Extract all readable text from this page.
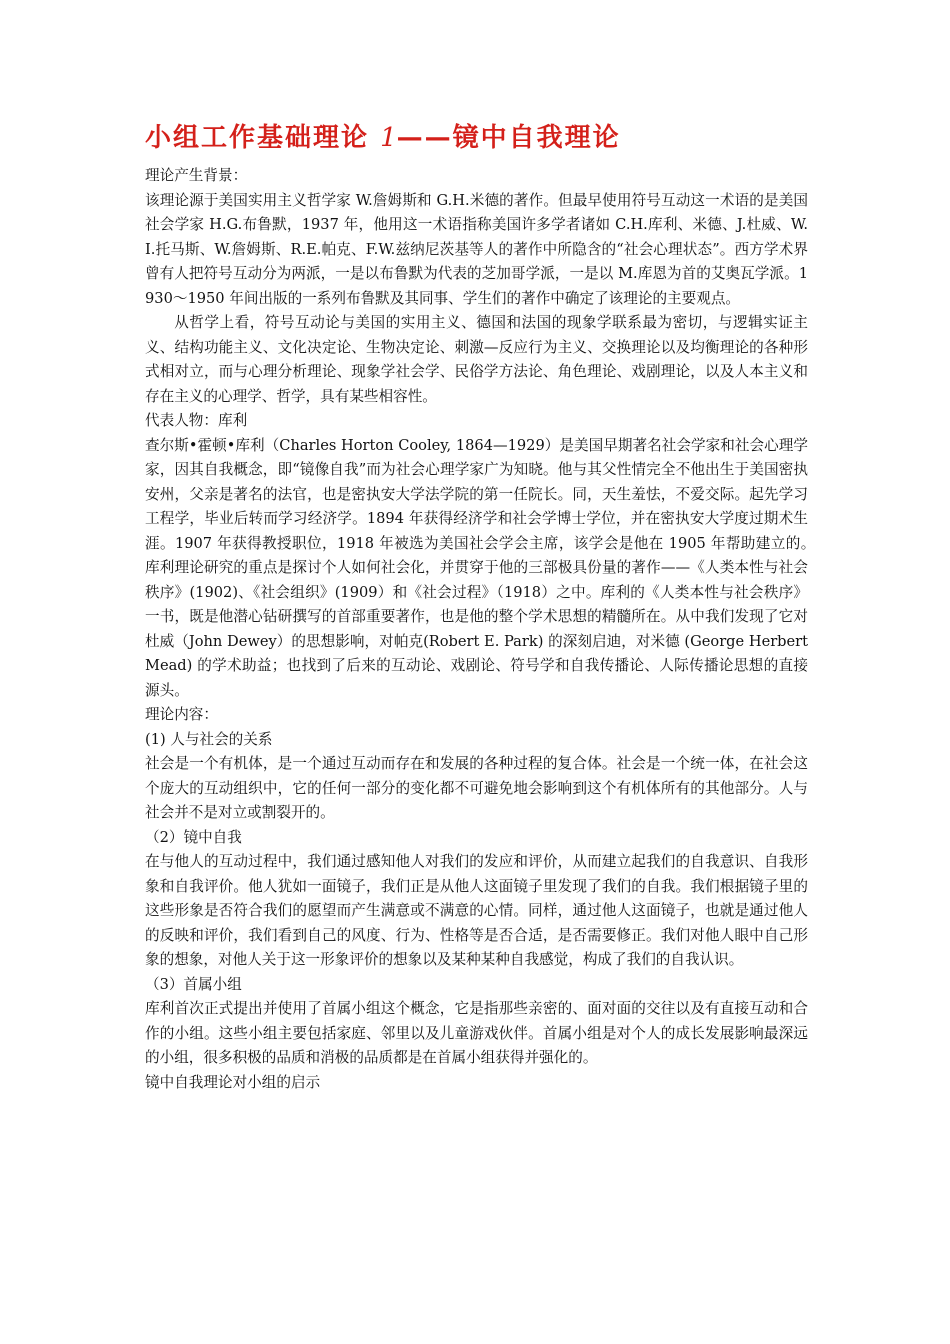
小组工作基础理论 1——镜中自我理论

理论产生背景：

该理论源于美国实用主义哲学家 W.詹姆斯和 G.H.米德的著作。但最早使用符号互动这一术语的是美国社会学家 H.G.布鲁默，1937 年，他用这一术语指称美国许多学者诸如 C.H.库利、米德、J.杜威、W.I.托马斯、W.詹姆斯、R.E.帕克、F.W.兹纳尼茨基等人的著作中所隐含的“社会心理状态”。西方学术界曾有人把符号互动分为两派，一是以布鲁默为代表的芝加哥学派，一是以 M.库恩为首的艾奥瓦学派。1930～1950 年间出版的一系列布鲁默及其同事、学生们的著作中确定了该理论的主要观点。

从哲学上看，符号互动论与美国的实用主义、德国和法国的现象学联系最为密切，与逻辑实证主义、结构功能主义、文化决定论、生物决定论、刺激—反应行为主义、交换理论以及均衡理论的各种形式相对立，而与心理分析理论、现象学社会学、民俗学方法论、角色理论、戏剧理论，以及人本主义和存在主义的心理学、哲学，具有某些相容性。

代表人物：库利

查尔斯•霍顿•库利（Charles Horton Cooley, 1864—1929）是美国早期著名社会学家和社会心理学家，因其自我概念，即“镜像自我”而为社会心理学家广为知晓。他与其父性情完全不他出生于美国密执安州，父亲是著名的法官，也是密执安大学法学院的第一任院长。同，天生羞怯，不爱交际。起先学习工程学，毕业后转而学习经济学。1894 年获得经济学和社会学博士学位，并在密执安大学度过期术生涯。1907 年获得教授职位，1918 年被选为美国社会学会主席，该学会是他在 1905 年帮助建立的。　　库利理论研究的重点是探讨个人如何社会化，并贯穿于他的三部极具份量的著作——《人类本性与社会秩序》(1902)、《社会组织》(1909）和《社会过程》（1918）之中。库利的《人类本性与社会秩序》一书，既是他潜心钻研撰写的首部重要著作，也是他的整个学术思想的精髓所在。从中我们发现了它对杜威（John Dewey）的思想影响，对帕克(Robert E. Park) 的深刻启迪，对米德 (George Herbert Mead) 的学术助益；也找到了后来的互动论、戏剧论、符号学和自我传播论、人际传播论思想的直接源头。

理论内容：

(1) 人与社会的关系

社会是一个有机体，是一个通过互动而存在和发展的各种过程的复合体。社会是一个统一体，在社会这个庞大的互动组织中，它的任何一部分的变化都不可避免地会影响到这个有机体所有的其他部分。人与社会并不是对立或割裂开的。

（2）镜中自我

在与他人的互动过程中，我们通过感知他人对我们的发应和评价，从而建立起我们的自我意识、自我形象和自我评价。他人犹如一面镜子，我们正是从他人这面镜子里发现了我们的自我。我们根据镜子里的这些形象是否符合我们的愿望而产生满意或不满意的心情。同样，通过他人这面镜子，也就是通过他人的反映和评价，我们看到自己的风度、行为、性格等是否合适，是否需要修正。我们对他人眼中自己形象的想象，对他人关于这一形象评价的想象以及某种某种自我感觉，构成了我们的自我认识。

（3）首属小组

库利首次正式提出并使用了首属小组这个概念，它是指那些亲密的、面对面的交往以及有直接互动和合作的小组。这些小组主要包括家庭、邻里以及儿童游戏伙伴。首属小组是对个人的成长发展影响最深远的小组，很多积极的品质和消极的品质都是在首属小组获得并强化的。

镜中自我理论对小组的启示
